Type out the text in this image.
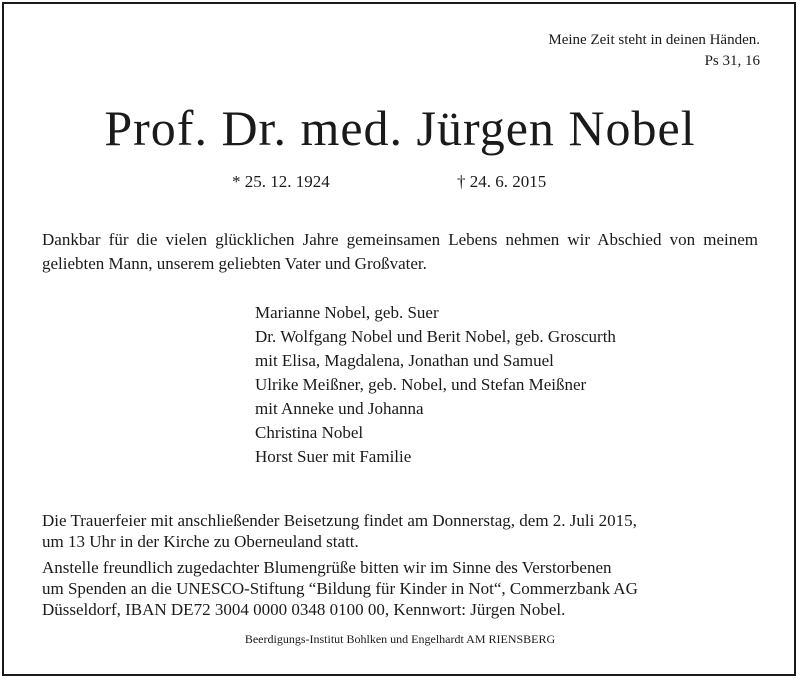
Meine Zeit steht in deinen Händen.
Ps 31, 16
Prof. Dr. med. Jürgen Nobel
* 25. 12. 1924	† 24. 6. 2015
Dankbar für die vielen glücklichen Jahre gemeinsamen Lebens nehmen wir Abschied von meinem geliebten Mann, unserem geliebten Vater und Großvater.
Marianne Nobel, geb. Suer
Dr. Wolfgang Nobel und Berit Nobel, geb. Groscurth
mit Elisa, Magdalena, Jonathan und Samuel
Ulrike Meißner, geb. Nobel, und Stefan Meißner
mit Anneke und Johanna
Christina Nobel
Horst Suer mit Familie

Die Trauerfeier mit anschließender Beisetzung findet am Donnerstag, dem 2. Juli 2015,

um 13 Uhr in der Kirche zu Oberneuland statt.

Anstelle freundlich zugedachter Blumengrüße bitten wir im Sinne des Verstorbenen

um Spenden an die UNESCO-Stiftung “Bildung für Kinder in Not“, Commerzbank AG

Düsseldorf, IBAN DE72 3004 0000 0348 0100 00, Kennwort: Jürgen Nobel.

Beerdigungs-Institut Bohlken und Engelhardt AM RIENSBERG
